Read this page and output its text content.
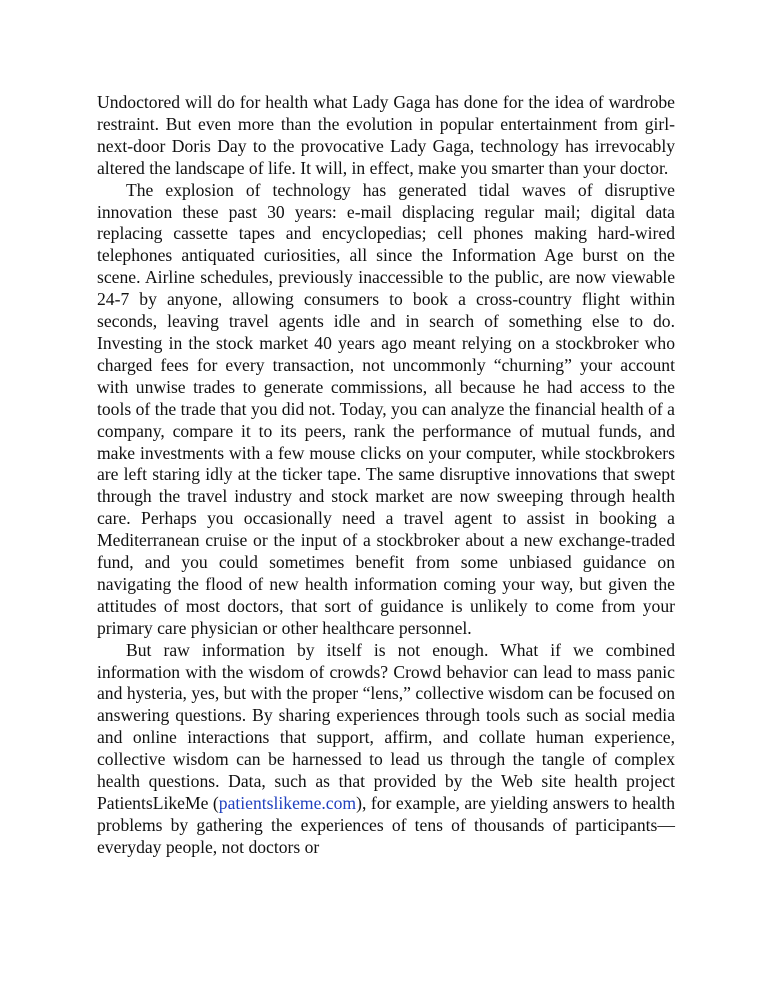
Undoctored will do for health what Lady Gaga has done for the idea of wardrobe restraint. But even more than the evolution in popular entertainment from girl-next-door Doris Day to the provocative Lady Gaga, technology has irrevocably altered the landscape of life. It will, in effect, make you smarter than your doctor.

The explosion of technology has generated tidal waves of disruptive innovation these past 30 years: e-mail displacing regular mail; digital data replacing cassette tapes and encyclopedias; cell phones making hard-wired telephones antiquated curiosities, all since the Information Age burst on the scene. Airline schedules, previously inaccessible to the public, are now viewable 24-7 by anyone, allowing consumers to book a cross-country flight within seconds, leaving travel agents idle and in search of something else to do. Investing in the stock market 40 years ago meant relying on a stockbroker who charged fees for every transaction, not uncommonly “churning” your account with unwise trades to generate commissions, all because he had access to the tools of the trade that you did not. Today, you can analyze the financial health of a company, compare it to its peers, rank the performance of mutual funds, and make investments with a few mouse clicks on your computer, while stockbrokers are left staring idly at the ticker tape. The same disruptive innovations that swept through the travel industry and stock market are now sweeping through health care. Perhaps you occasionally need a travel agent to assist in booking a Mediterranean cruise or the input of a stockbroker about a new exchange-traded fund, and you could sometimes benefit from some unbiased guidance on navigating the flood of new health information coming your way, but given the attitudes of most doctors, that sort of guidance is unlikely to come from your primary care physician or other healthcare personnel.

But raw information by itself is not enough. What if we combined information with the wisdom of crowds? Crowd behavior can lead to mass panic and hysteria, yes, but with the proper “lens,” collective wisdom can be focused on answering questions. By sharing experiences through tools such as social media and online interactions that support, affirm, and collate human experience, collective wisdom can be harnessed to lead us through the tangle of complex health questions. Data, such as that provided by the Web site health project PatientsLikeMe (patientslikeme.com), for example, are yielding answers to health problems by gathering the experiences of tens of thousands of participants—everyday people, not doctors or
